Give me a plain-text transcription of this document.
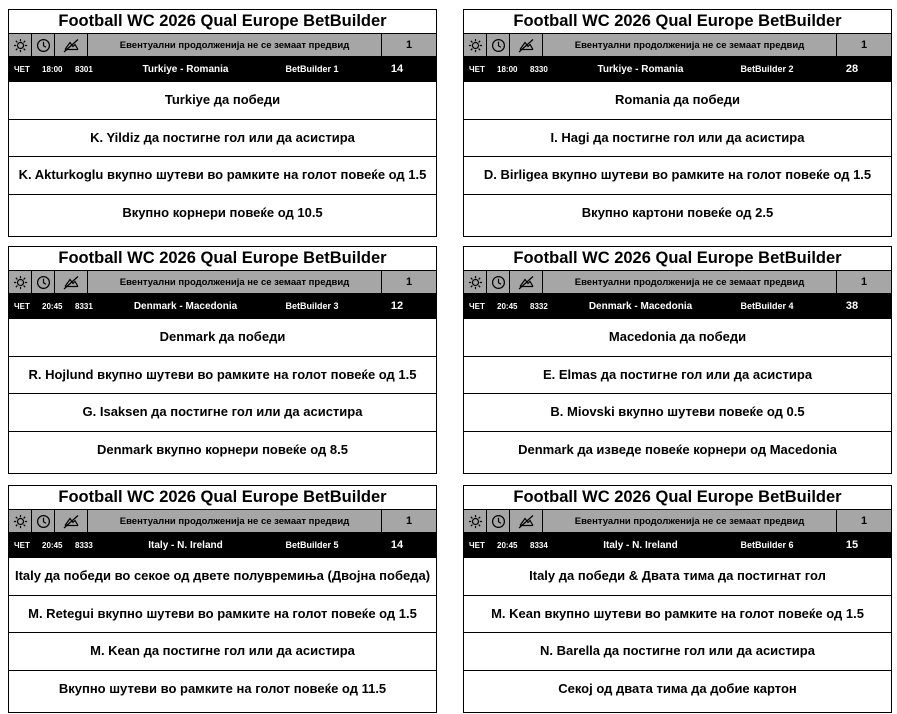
Football WC 2026 Qual Europe BetBuilder
Евентуални продолженија не се земаат предвид	1
ЧЕТ	18:00	8301	Turkiye - Romania	BetBuilder 1	14
Turkiye да победи
K. Yildiz да постигне гол или да асистира
K. Akturkoglu вкупно шутеви во рамките на голот повеќе од 1.5
Вкупно корнери повеќе од 10.5
Football WC 2026 Qual Europe BetBuilder
Евентуални продолженија не се земаат предвид	1
ЧЕТ	18:00	8330	Turkiye - Romania	BetBuilder 2	28
Romania да победи
I. Hagi да постигне гол или да асистира
D. Birligea вкупно шутеви во рамките на голот повеќе од 1.5
Вкупно картони повеќе од 2.5
Football WC 2026 Qual Europe BetBuilder
Евентуални продолженија не се земаат предвид	1
ЧЕТ	20:45	8331	Denmark - Macedonia	BetBuilder 3	12
Denmark да победи
R. Hojlund вкупно шутеви во рамките на голот повеќе од 1.5
G. Isaksen да постигне гол или да асистира
Denmark вкупно корнери повеќе од 8.5
Football WC 2026 Qual Europe BetBuilder
Евентуални продолженија не се земаат предвид	1
ЧЕТ	20:45	8332	Denmark - Macedonia	BetBuilder 4	38
Macedonia да победи
E. Elmas да постигне гол или да асистира
B. Miovski вкупно шутеви повеќе од 0.5
Denmark да изведе повеќе корнери од Macedonia
Football WC 2026 Qual Europe BetBuilder
Евентуални продолженија не се земаат предвид	1
ЧЕТ	20:45	8333	Italy - N. Ireland	BetBuilder 5	14
Italy да победи во секое од двете полувремиња (Двојна победа)
M. Retegui вкупно шутеви во рамките на голот повеќе од 1.5
M. Kean да постигне гол или да асистира
Вкупно шутеви во рамките на голот повеќе од 11.5
Football WC 2026 Qual Europe BetBuilder
Евентуални продолженија не се земаат предвид	1
ЧЕТ	20:45	8334	Italy - N. Ireland	BetBuilder 6	15
Italy да победи & Двата тима да постигнат гол
M. Kean вкупно шутеви во рамките на голот повеќе од 1.5
N. Barella да постигне гол или да асистира
Секој од двата тима да добие картон
